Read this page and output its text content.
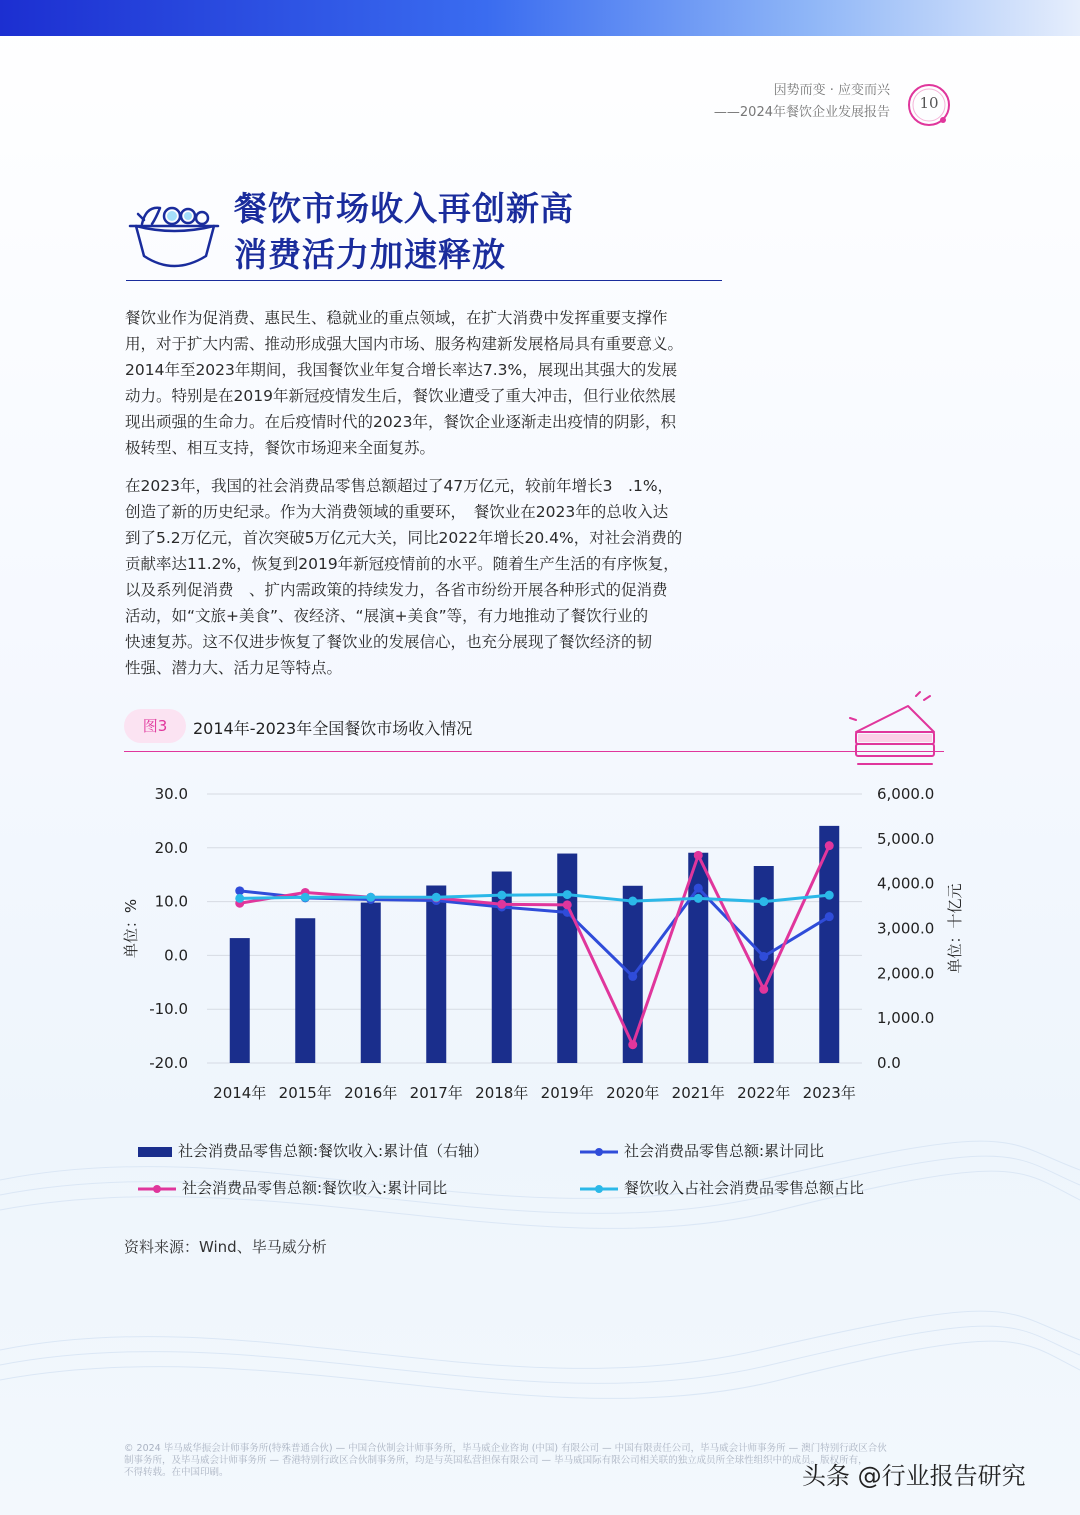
因势而变 · 应变而兴
——2024年餐饮企业发展报告
10
餐饮市场收入再创新高
消费活力加速释放
餐饮业作为促消费、惠民生、稳就业的重点领域，在扩大消费中发挥重要支撑作
用，对于扩大内需、推动形成强大国内市场、服务构建新发展格局具有重要意义。
2014年至2023年期间，我国餐饮业年复合增长率达7.3%，展现出其强大的发展
动力。特别是在2019年新冠疫情发生后，餐饮业遭受了重大冲击，但行业依然展
现出顽强的生命力。在后疫情时代的2023年，餐饮企业逐渐走出疫情的阴影，积
极转型、相互支持，餐饮市场迎来全面复苏。
在2023年，我国的社会消费品零售总额超过了47万亿元，较前年增长3　.1%，
创造了新的历史纪录。作为大消费领域的重要环，　餐饮业在2023年的总收入达
到了5.2万亿元，首次突破5万亿元大关，同比2022年增长20.4%，对社会消费的
贡献率达11.2%，恢复到2019年新冠疫情前的水平。随着生产生活的有序恢复，
以及系列促消费　、扩内需政策的持续发力，各省市纷纷开展各种形式的促消费
活动，如“文旅+美食”、夜经济、“展演+美食”等，有力地推动了餐饮行业的
快速复苏。这不仅进步恢复了餐饮业的发展信心，也充分展现了餐饮经济的韧
性强、潜力大、活力足等特点。
图3	2014年-2023年全国餐饮市场收入情况
30.0
20.0
10.0
0.0
-10.0
-20.0
6,000.0
5,000.0
4,000.0
3,000.0
2,000.0
1,000.0
0.0
单位：%	单位：十亿元
2014年 2015年 2016年 2017年 2018年 2019年 2020年 2021年 2022年 2023年
社会消费品零售总额:餐饮收入:累计值（右轴）	社会消费品零售总额:累计同比
社会消费品零售总额:餐饮收入:累计同比	餐饮收入占社会消费品零售总额占比
资料来源：Wind、毕马威分析
© 2024 毕马威华振会计师事务所(特殊普通合伙) — 中国合伙制会计师事务所，毕马威企业咨询 (中国) 有限公司 — 中国有限责任公司，毕马威会计师事务所 — 澳门特别行政区合伙
制事务所，及毕马威会计师事务所 — 香港特别行政区合伙制事务所，均是与英国私营担保有限公司 — 毕马威国际有限公司相关联的独立成员所全球性组织中的成员。版权所有，
不得转载。在中国印刷。	头条 @行业报告研究
